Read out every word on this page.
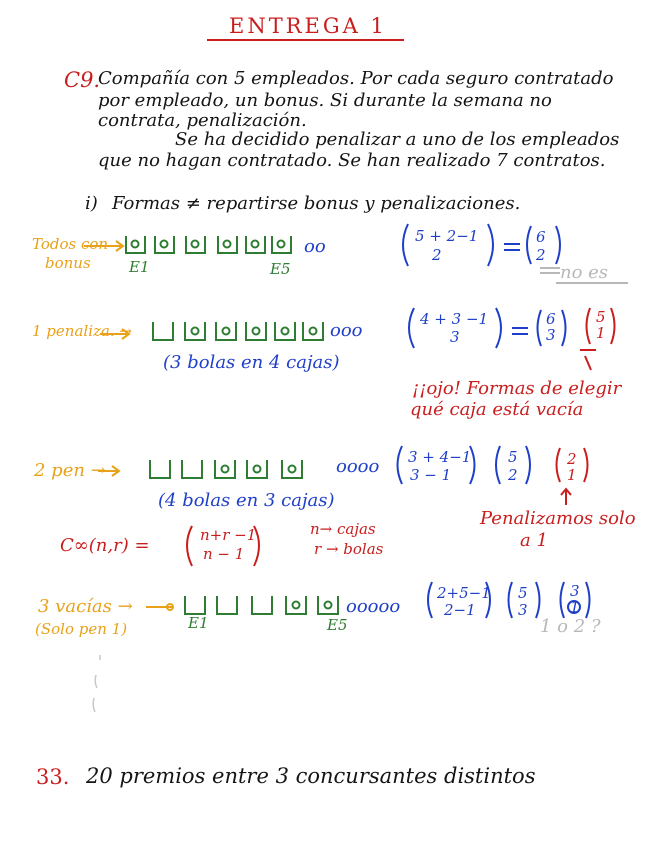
ENTREGA 1
C9.
Compañía con 5 empleados. Por cada seguro contratado
por empleado, un bonus. Si durante la semana no
contrata, penalización.
Se ha decidido penalizar a uno de los empleados
que no hagan contratado. Se han realizado 7 contratos.
i) Formas ≠ repartirse bonus y penalizaciones.
Todos con
bonus	E1	E5
oo	5 + 2−1
2
6
2
no es
1 penaliza. →	ooo
(3 bolas en 4 cajas)
4 + 3 −1
3
6
3
5
1
¡¡ojo! Formas de elegir
qué caja está vacía
2 pen →	oooo
(4 bolas en 3 cajas)
3 + 4−1
3 − 1
5
2
2
1
C∞(n,r) =	n+r −1
n − 1
n→ cajas
r → bolas
Penalizamos solo
a 1
3 vacías →
(Solo pen 1)	E1	E5
ooooo
2+5−1
2−1
5
3
3
1
1 o 2 ?
33. 20 premios entre 3 concursantes distintos
